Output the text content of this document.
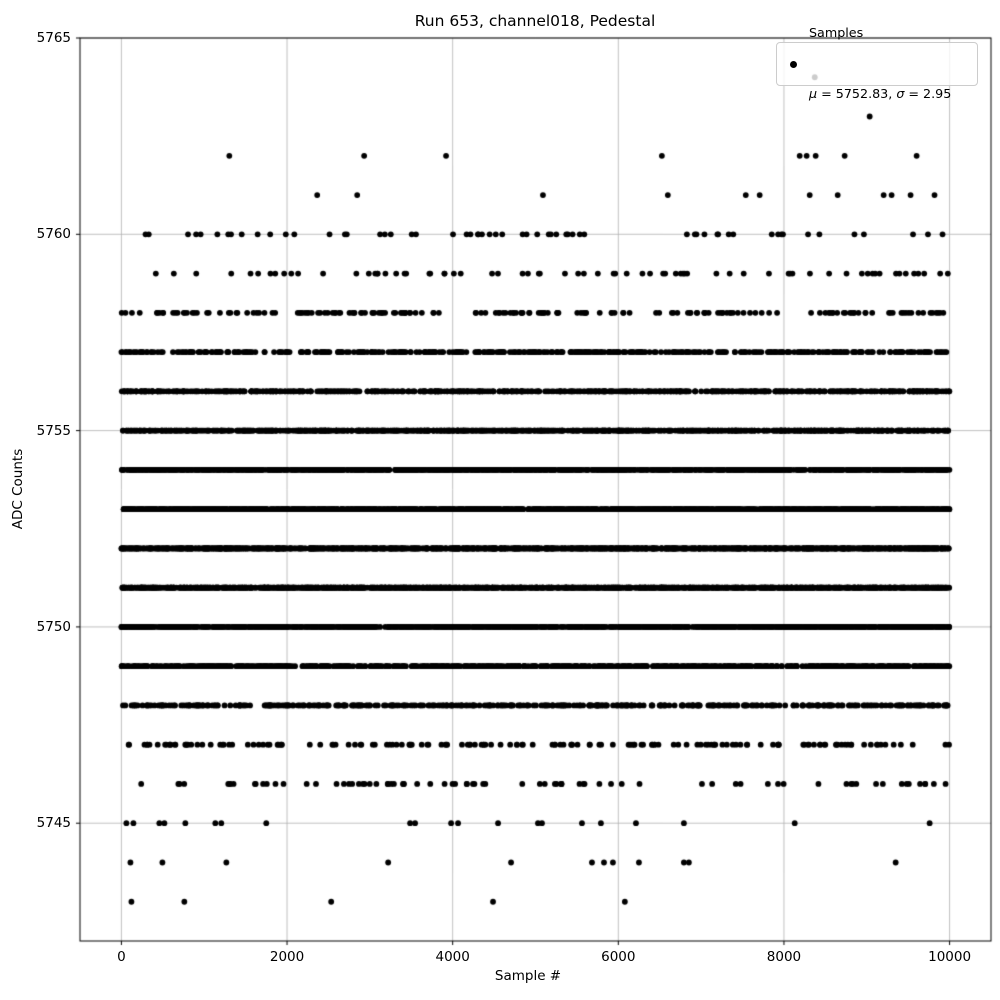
Run 653, channel018, Pedestal
Sample #
ADC Counts
0	2000	4000	6000	8000	10000
5745
5750
5755
5760
5765

	Samples

μ = 5752.83, σ = 2.95
